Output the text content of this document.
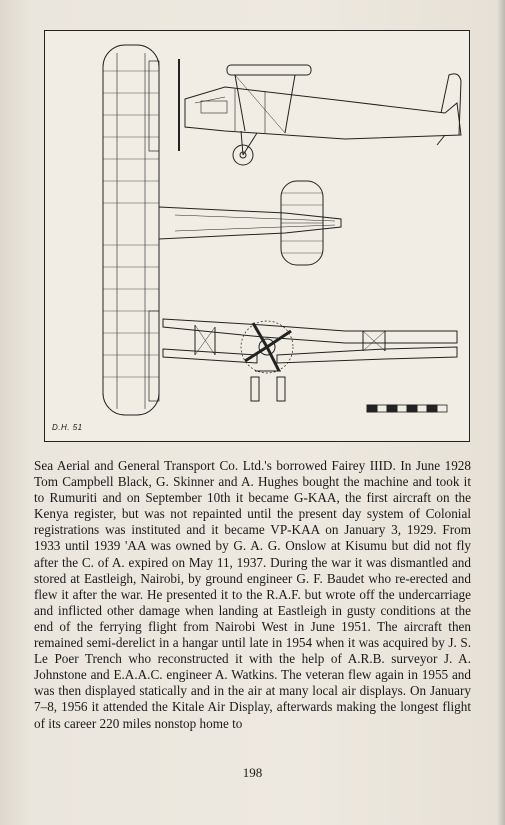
D.H. 51

Sea Aerial and General Transport Co. Ltd.'s borrowed Fairey IIID. In June 1928 Tom Campbell Black, G. Skinner and A. Hughes bought the machine and took it to Rumuriti and on September 10th it became G-KAA, the first aircraft on the Kenya register, but was not repainted until the present day system of Colonial registrations was instituted and it became VP-KAA on January 3, 1929. From 1933 until 1939 'AA was owned by G. A. G. Onslow at Kisumu but did not fly after the C. of A. expired on May 11, 1937. During the war it was dismantled and stored at Eastleigh, Nairobi, by ground engineer G. F. Baudet who re-erected and flew it after the war. He presented it to the R.A.F. but wrote off the undercarriage and inflicted other damage when landing at Eastleigh in gusty conditions at the end of the ferrying flight from Nairobi West in June 1951. The aircraft then remained semi-derelict in a hangar until late in 1954 when it was acquired by J. S. Le Poer Trench who reconstructed it with the help of A.R.B. surveyor J. A. Johnstone and E.A.A.C. engineer A. Watkins. The veteran flew again in 1955 and was then displayed statically and in the air at many local air displays. On January 7–8, 1956 it attended the Kitale Air Display, afterwards making the longest flight of its career 220 miles nonstop home to

198
